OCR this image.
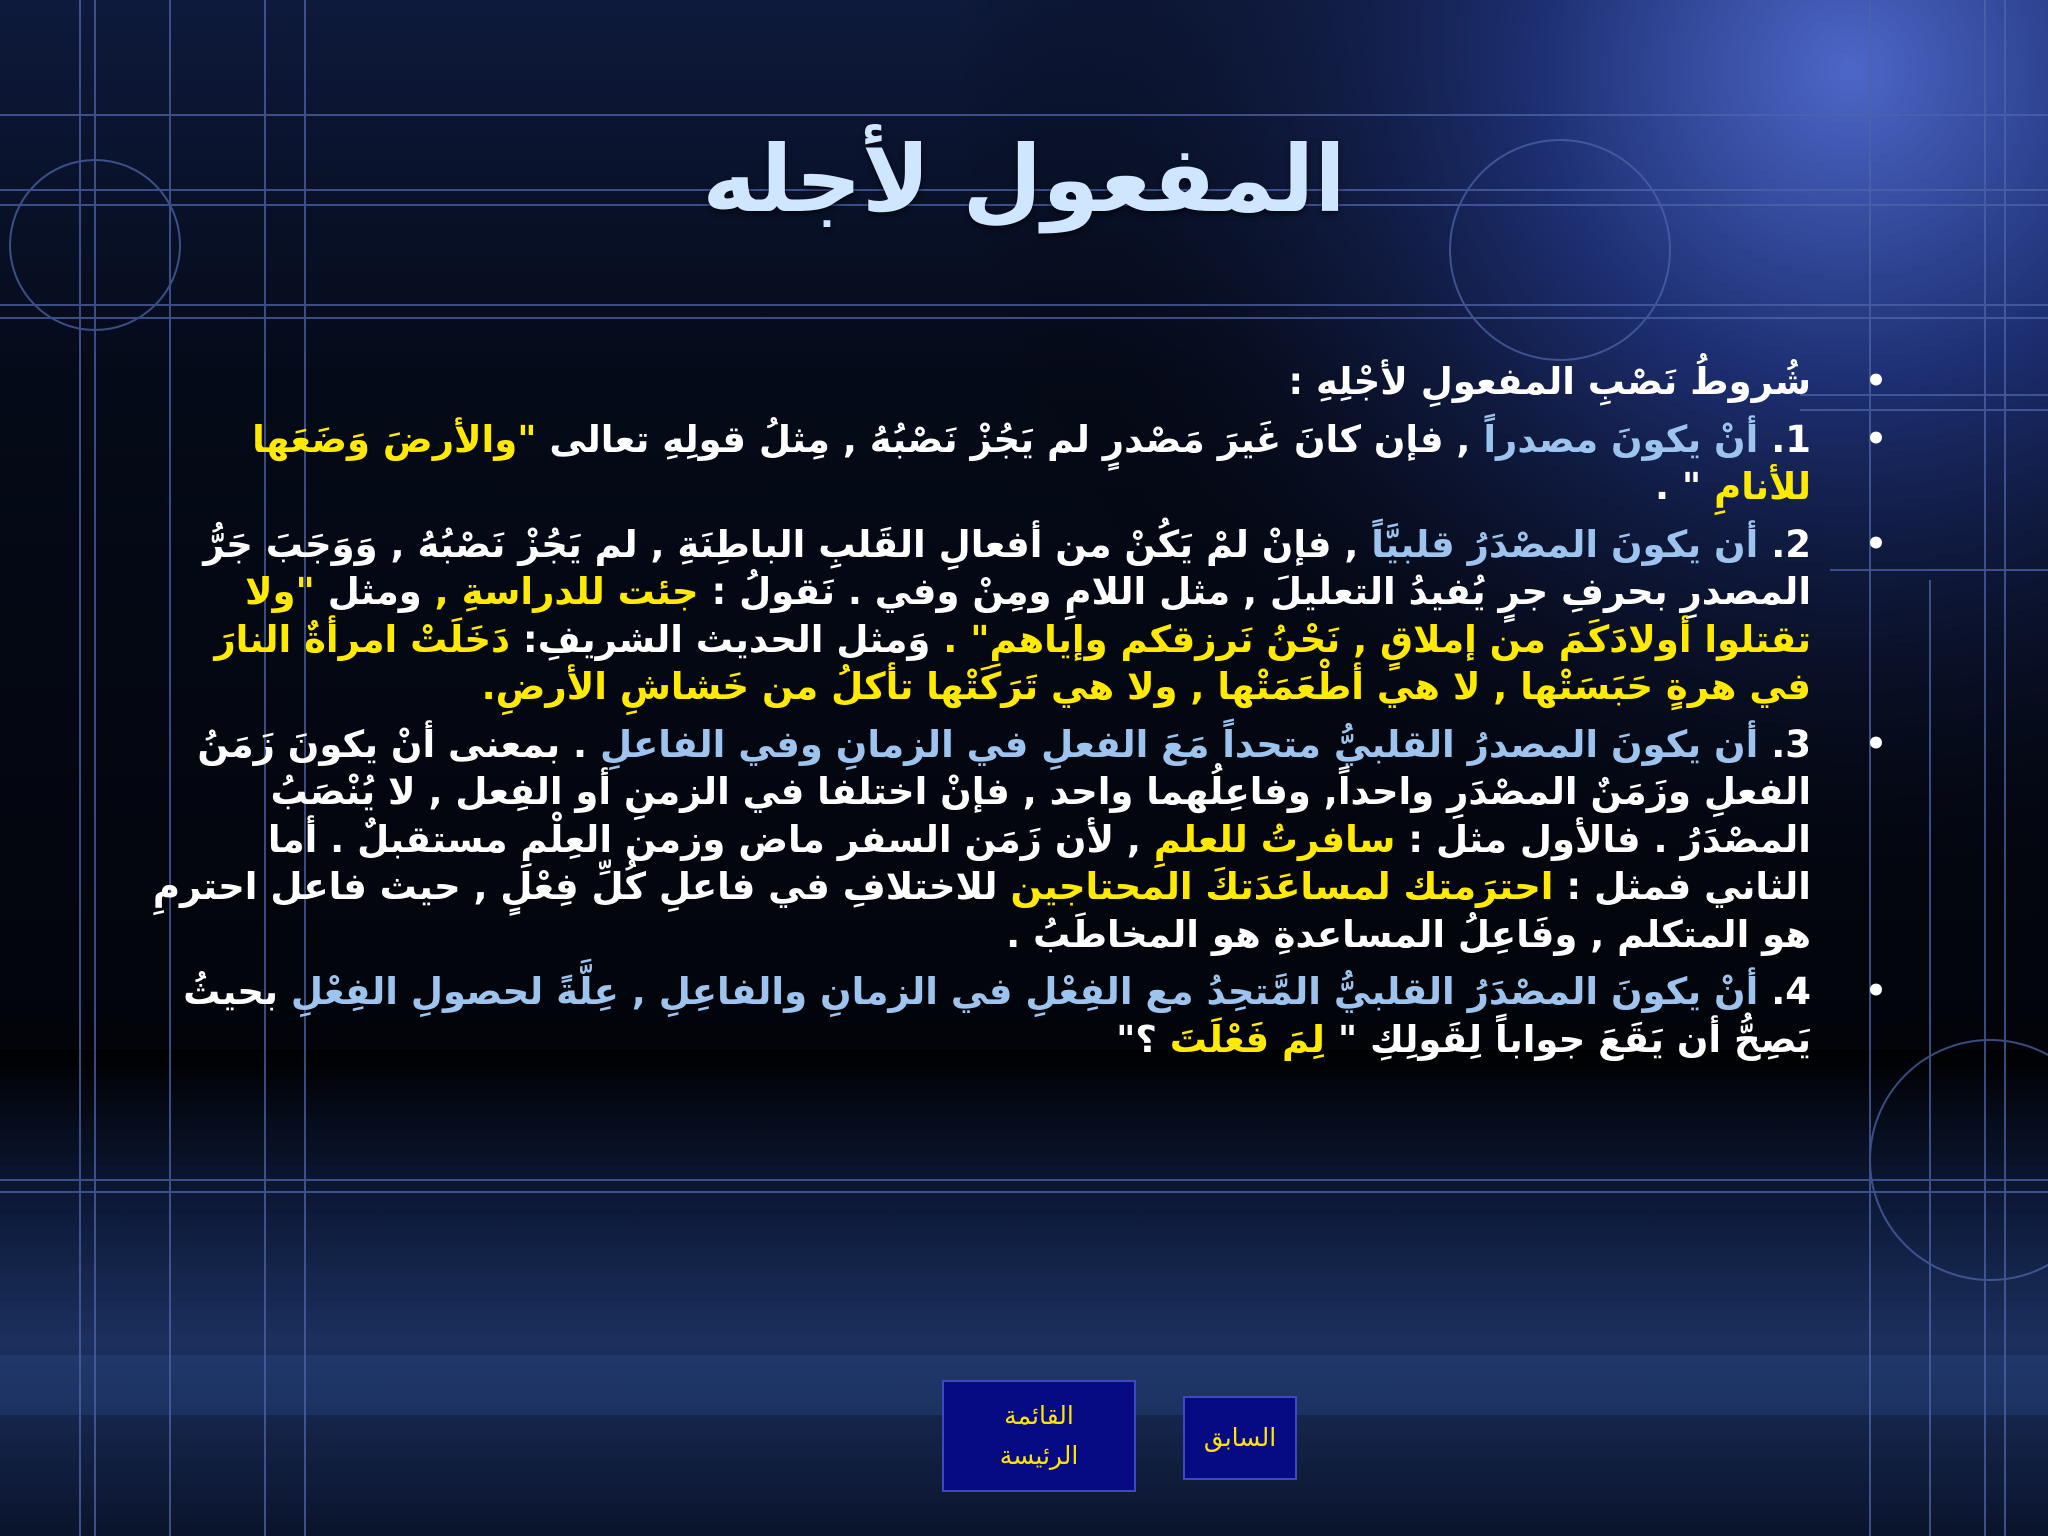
المفعول لأجله
•
شُروطُ نَصْبِ المفعولِ لأجْلِهِ :
•
1. أنْ يكونَ مصدراً , فإن كانَ غَيرَ مَصْدرٍ لم يَجُزْ نَصْبُهُ , مِثلُ قولِهِ تعالى "والأرضَ وَضَعَها للأنامِ " .
•
2. أن يكونَ المصْدَرُ قلبيَّاً , فإنْ لمْ يَكُنْ من أفعالِ القَلبِ الباطِنَةِ , لم يَجُزْ نَصْبُهُ , وَوَجَبَ جَرُّ المصدرِ بحرفِ جرٍ يُفيدُ التعليلَ , مثل اللامِ ومِنْ وفي . نَقولُ : جئت للدراسةِ , ومثل "ولا تقتلوا أولادَكَمَ من إملاقٍ , نَحْنُ نَرزقكم وإياهمِ" . وَمثل الحديث الشريفِ: دَخَلَتْ امرأةٌ النارَ في هرةٍ حَبَسَتْها , لا هي أطْعَمَتْها , ولا هي تَرَكَتْها تأكلُ من خَشاشِ الأرضِ.
•
3. أن يكونَ المصدرُ القلبيُّ متحداً مَعَ الفعلِ في الزمانِ وفي الفاعلِ . بمعنى أنْ يكونَ زَمَنُ الفعلِ وزَمَنٌ المصْدَرِ واحداً, وفاعِلُهما واحد , فإنْ اختلفا في الزمنِ أو الفِعل , لا يُنْصَبُ المصْدَرُ . فالأول مثل : سافرتُ للعلمِ , لأن زَمَن السفر ماض وزمن العِلْمِ مستقبلٌ . أما الثاني فمثل : احترَمتك لمساعَدَتكَ المحتاجين للاختلافِ في فاعلِ كُلِّ فِعْلٍ , حيث فاعل احترمِ هو المتكلم , وفَاعِلُ المساعدةِ هو المخاطَبُ .
•
4. أنْ يكونَ المصْدَرُ القلبيُّ المَّتحِدُ مع الفِعْلِ في الزمانِ والفاعِلِ , عِلَّةً لحصولِ الفِعْلِ بحيثُ يَصِحُّ أن يَقَعَ جواباً لِقَولِكِ " لِمَ فَعْلَتَ ؟"
القائمة
الرئيسة
السابق
